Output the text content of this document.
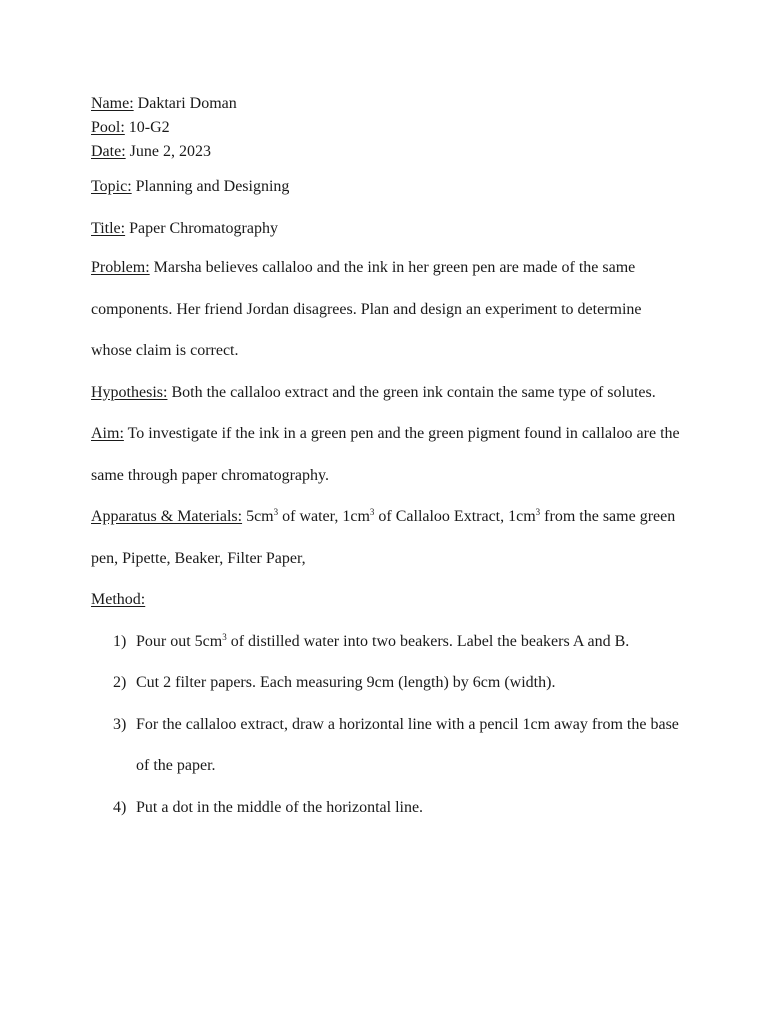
Name: Daktari Doman
Pool: 10-G2
Date: June 2, 2023
Topic: Planning and Designing
Title: Paper Chromatography

Problem: Marsha believes callaloo and the ink in her green pen are made of the same components. Her friend Jordan disagrees. Plan and design an experiment to determine whose claim is correct.

Hypothesis: Both the callaloo extract and the green ink contain the same type of solutes.

Aim: To investigate if the ink in a green pen and the green pigment found in callaloo are the same through paper chromatography.

Apparatus & Materials: $5cm^3$ of water, $1cm^3$ of Callaloo Extract, $1cm^3$ from the same green pen, Pipette, Beaker, Filter Paper,

Method:

1) Pour out $5cm^3$ of distilled water into two beakers. Label the beakers A and B.
2) Cut 2 filter papers. Each measuring 9cm (length) by 6cm (width).
3) For the callaloo extract, draw a horizontal line with a pencil 1cm away from the base of the paper.
4) Put a dot in the middle of the horizontal line.
